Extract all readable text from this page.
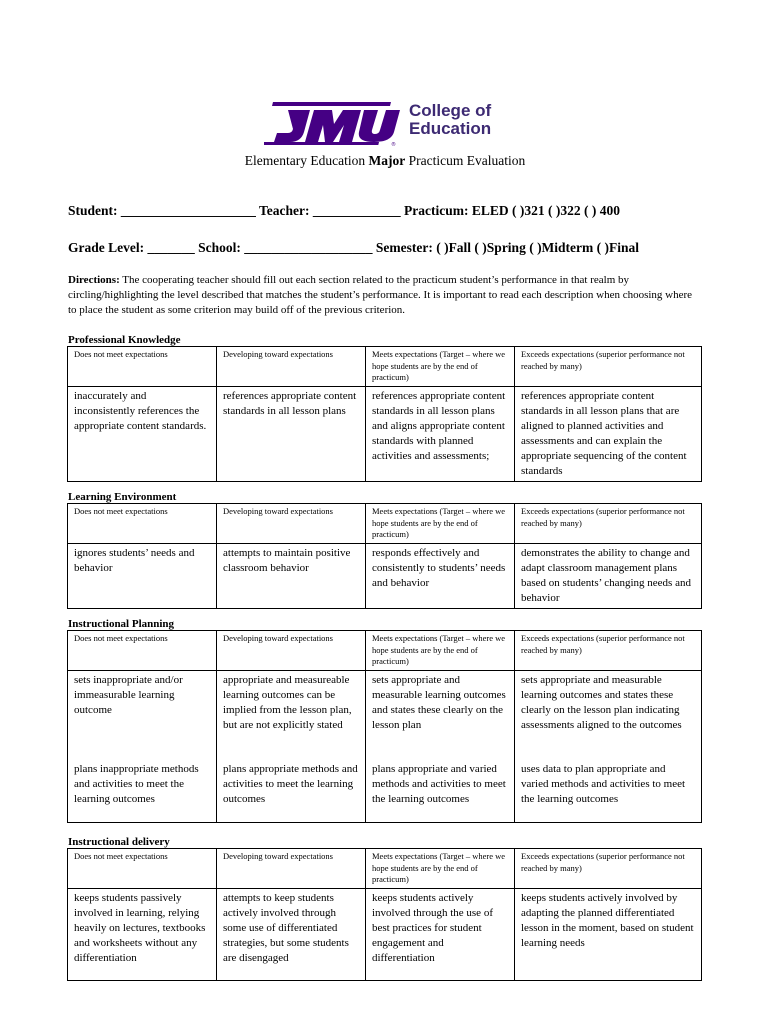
®
College of
Education
Elementary Education Major Practicum Evaluation
Student: ____________________ Teacher: _____________ Practicum: ELED ( )321 ( )322 ( ) 400
Grade Level: _______ School: ___________________ Semester: ( )Fall ( )Spring ( )Midterm ( )Final
Directions: The cooperating teacher should fill out each section related to the practicum student’s performance in that realm by circling/highlighting the level described that matches the student’s performance. It is important to read each description when choosing where to place the student as some criterion may build off of the previous criterion.
Professional Knowledge
Does not meet expectations	Developing toward expectations	Meets expectations (Target – where we hope students are by the end of practicum)	Exceeds expectations (superior performance not reached by many)
inaccurately and inconsistently references the appropriate content standards.	references appropriate content standards in all lesson plans	references appropriate content standards in all lesson plans and aligns appropriate content standards with planned activities and assessments;	references appropriate content standards in all lesson plans that are aligned to planned activities and assessments and can explain the appropriate sequencing of the content standards
Learning Environment
Does not meet expectations	Developing toward expectations	Meets expectations (Target – where we hope students are by the end of practicum)	Exceeds expectations (superior performance not reached by many)
ignores students’ needs and behavior	attempts to maintain positive classroom behavior	responds effectively and consistently to students’ needs and behavior	demonstrates the ability to change and adapt classroom management plans based on students’ changing needs and behavior
Instructional Planning
Does not meet expectations	Developing toward expectations	Meets expectations (Target – where we hope students are by the end of practicum)	Exceeds expectations (superior performance not reached by many)
sets inappropriate and/or immeasurable learning outcome	appropriate and measureable learning outcomes can be implied from the lesson plan, but are not explicitly stated	sets appropriate and measurable learning outcomes and states these clearly on the lesson plan	sets appropriate and measurable learning outcomes and states these clearly on the lesson plan indicating assessments aligned to the outcomes
plans inappropriate methods and activities to meet the learning outcomes	plans appropriate methods and activities to meet the learning outcomes	plans appropriate and varied methods and activities to meet the learning outcomes	uses data to plan appropriate and varied methods and activities to meet the learning outcomes
Instructional delivery
Does not meet expectations	Developing toward expectations	Meets expectations (Target – where we hope students are by the end of practicum)	Exceeds expectations (superior performance not reached by many)
keeps students passively involved in learning, relying heavily on lectures, textbooks and worksheets without any differentiation	attempts to keep students actively involved through some use of differentiated strategies, but some students are disengaged	keeps students actively involved through the use of best practices for student engagement and differentiation	keeps students actively involved by adapting the planned differentiated lesson in the moment, based on student learning needs
